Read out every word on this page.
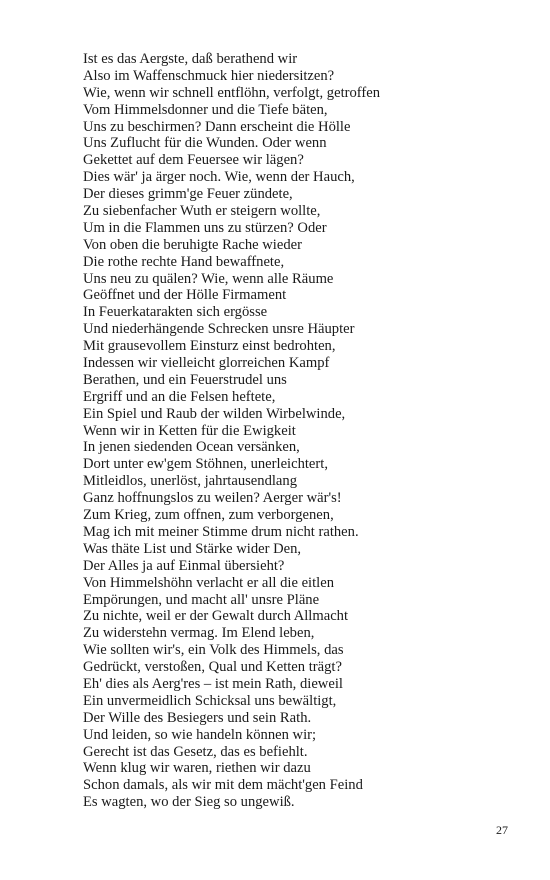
Ist es das Aergste, daß berathend wir
Also im Waffenschmuck hier niedersitzen?
Wie, wenn wir schnell entflöhn, verfolgt, getroffen
Vom Himmelsdonner und die Tiefe bäten,
Uns zu beschirmen? Dann erscheint die Hölle
Uns Zuflucht für die Wunden. Oder wenn
Gekettet auf dem Feuersee wir lägen?
Dies wär' ja ärger noch. Wie, wenn der Hauch,
Der dieses grimm'ge Feuer zündete,
Zu siebenfacher Wuth er steigern wollte,
Um in die Flammen uns zu stürzen? Oder
Von oben die beruhigte Rache wieder
Die rothe rechte Hand bewaffnete,
Uns neu zu quälen? Wie, wenn alle Räume
Geöffnet und der Hölle Firmament
In Feuerkatarakten sich ergösse
Und niederhängende Schrecken unsre Häupter
Mit grausevollem Einsturz einst bedrohten,
Indessen wir vielleicht glorreichen Kampf
Berathen, und ein Feuerstrudel uns
Ergriff und an die Felsen heftete,
Ein Spiel und Raub der wilden Wirbelwinde,
Wenn wir in Ketten für die Ewigkeit
In jenen siedenden Ocean versänken,
Dort unter ew'gem Stöhnen, unerleichtert,
Mitleidlos, unerlöst, jahrtausendlang
Ganz hoffnungslos zu weilen? Aerger wär's!
Zum Krieg, zum offnen, zum verborgenen,
Mag ich mit meiner Stimme drum nicht rathen.
Was thäte List und Stärke wider Den,
Der Alles ja auf Einmal übersieht?
Von Himmelshöhn verlacht er all die eitlen
Empörungen, und macht all' unsre Pläne
Zu nichte, weil er der Gewalt durch Allmacht
Zu widerstehn vermag. Im Elend leben,
Wie sollten wir's, ein Volk des Himmels, das
Gedrückt, verstoßen, Qual und Ketten trägt?
Eh' dies als Aerg'res – ist mein Rath, dieweil
Ein unvermeidlich Schicksal uns bewältigt,
Der Wille des Besiegers und sein Rath.
Und leiden, so wie handeln können wir;
Gerecht ist das Gesetz, das es befiehlt.
Wenn klug wir waren, riethen wir dazu
Schon damals, als wir mit dem mächt'gen Feind
Es wagten, wo der Sieg so ungewiß.
27
